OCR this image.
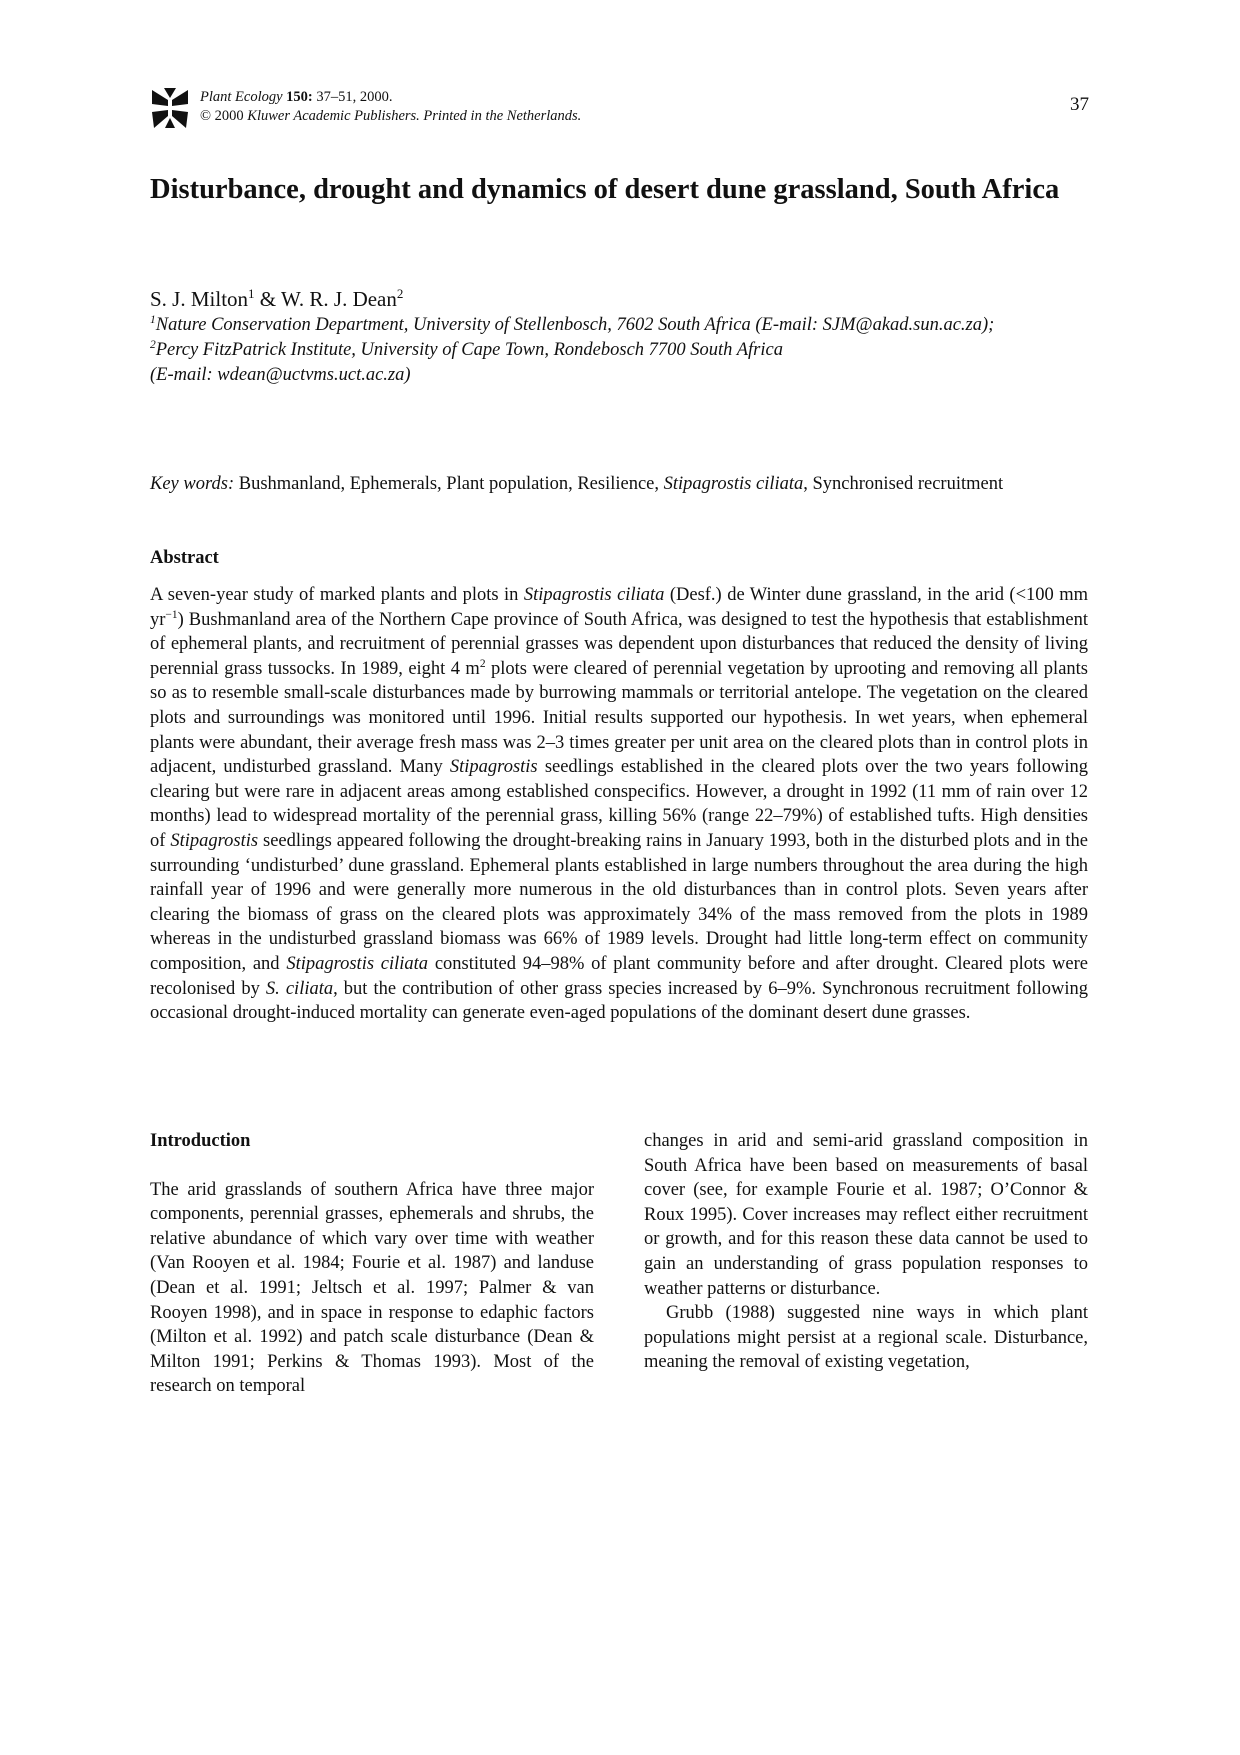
Plant Ecology 150: 37–51, 2000.
© 2000 Kluwer Academic Publishers. Printed in the Netherlands.
37
Disturbance, drought and dynamics of desert dune grassland, South Africa
S. J. Milton$^1$ & W. R. J. Dean$^2$
$^1$Nature Conservation Department, University of Stellenbosch, 7602 South Africa (E-mail: SJM@akad.sun.ac.za);
$^2$Percy FitzPatrick Institute, University of Cape Town, Rondebosch 7700 South Africa
(E-mail: wdean@uctvms.uct.ac.za)
Key words: Bushmanland, Ephemerals, Plant population, Resilience, Stipagrostis ciliata, Synchronised recruitment
Abstract
A seven-year study of marked plants and plots in Stipagrostis ciliata (Desf.) de Winter dune grassland, in the arid (<100 mm $yr^{-1}$) Bushmanland area of the Northern Cape province of South Africa, was designed to test the hypothesis that establishment of ephemeral plants, and recruitment of perennial grasses was dependent upon disturbances that reduced the density of living perennial grass tussocks. In 1989, eight 4 $m^2$ plots were cleared of perennial vegetation by uprooting and removing all plants so as to resemble small-scale disturbances made by burrowing mammals or territorial antelope. The vegetation on the cleared plots and surroundings was monitored until 1996. Initial results supported our hypothesis. In wet years, when ephemeral plants were abundant, their average fresh mass was 2–3 times greater per unit area on the cleared plots than in control plots in adjacent, undisturbed grassland. Many Stipagrostis seedlings established in the cleared plots over the two years following clearing but were rare in adjacent areas among established conspecifics. However, a drought in 1992 (11 mm of rain over 12 months) lead to widespread mortality of the perennial grass, killing 56% (range 22–79%) of established tufts. High densities of Stipagrostis seedlings appeared following the drought-breaking rains in January 1993, both in the disturbed plots and in the surrounding ‘undisturbed’ dune grassland. Ephemeral plants established in large numbers throughout the area during the high rainfall year of 1996 and were generally more numerous in the old disturbances than in control plots. Seven years after clearing the biomass of grass on the cleared plots was approximately 34% of the mass removed from the plots in 1989 whereas in the undisturbed grassland biomass was 66% of 1989 levels. Drought had little long-term effect on community composition, and Stipagrostis ciliata constituted 94–98% of plant community before and after drought. Cleared plots were recolonised by S. ciliata, but the contribution of other grass species increased by 6–9%. Synchronous recruitment following occasional drought-induced mortality can generate even-aged populations of the dominant desert dune grasses.
Introduction

The arid grasslands of southern Africa have three major components, perennial grasses, ephemerals and shrubs, the relative abundance of which vary over time with weather (Van Rooyen et al. 1984; Fourie et al. 1987) and landuse (Dean et al. 1991; Jeltsch et al. 1997; Palmer & van Rooyen 1998), and in space in response to edaphic factors (Milton et al. 1992) and patch scale disturbance (Dean & Milton 1991; Perkins & Thomas 1993). Most of the research on temporal

changes in arid and semi-arid grassland composition in South Africa have been based on measurements of basal cover (see, for example Fourie et al. 1987; O’Connor & Roux 1995). Cover increases may reflect either recruitment or growth, and for this reason these data cannot be used to gain an understanding of grass population responses to weather patterns or disturbance.

Grubb (1988) suggested nine ways in which plant populations might persist at a regional scale. Disturbance, meaning the removal of existing vegetation,
